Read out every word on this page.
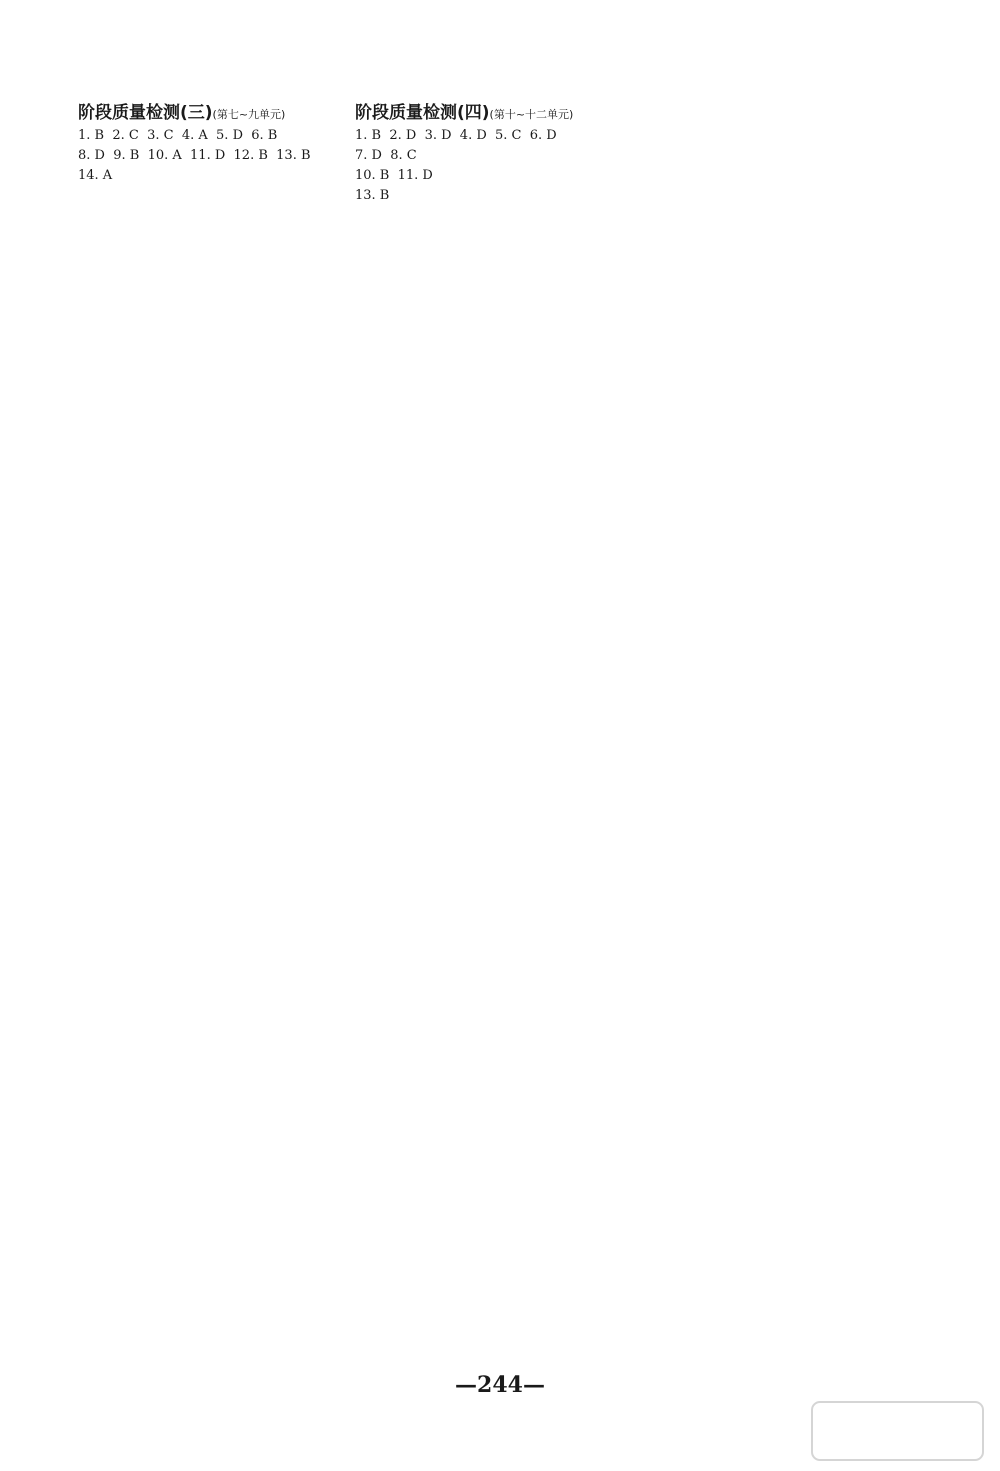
阶段质量检测(三)(第七~九单元)

1. B  2. C  3. C  4. A  5. D  6. B

8. D  9. B  10. A  11. D  12. B  13. B

14. A

阶段质量检测(四)(第十~十二单元)

1. B  2. D  3. D  4. D  5. C  6. D

7. D  8. C

10. B  11. D

13. B

—244—
